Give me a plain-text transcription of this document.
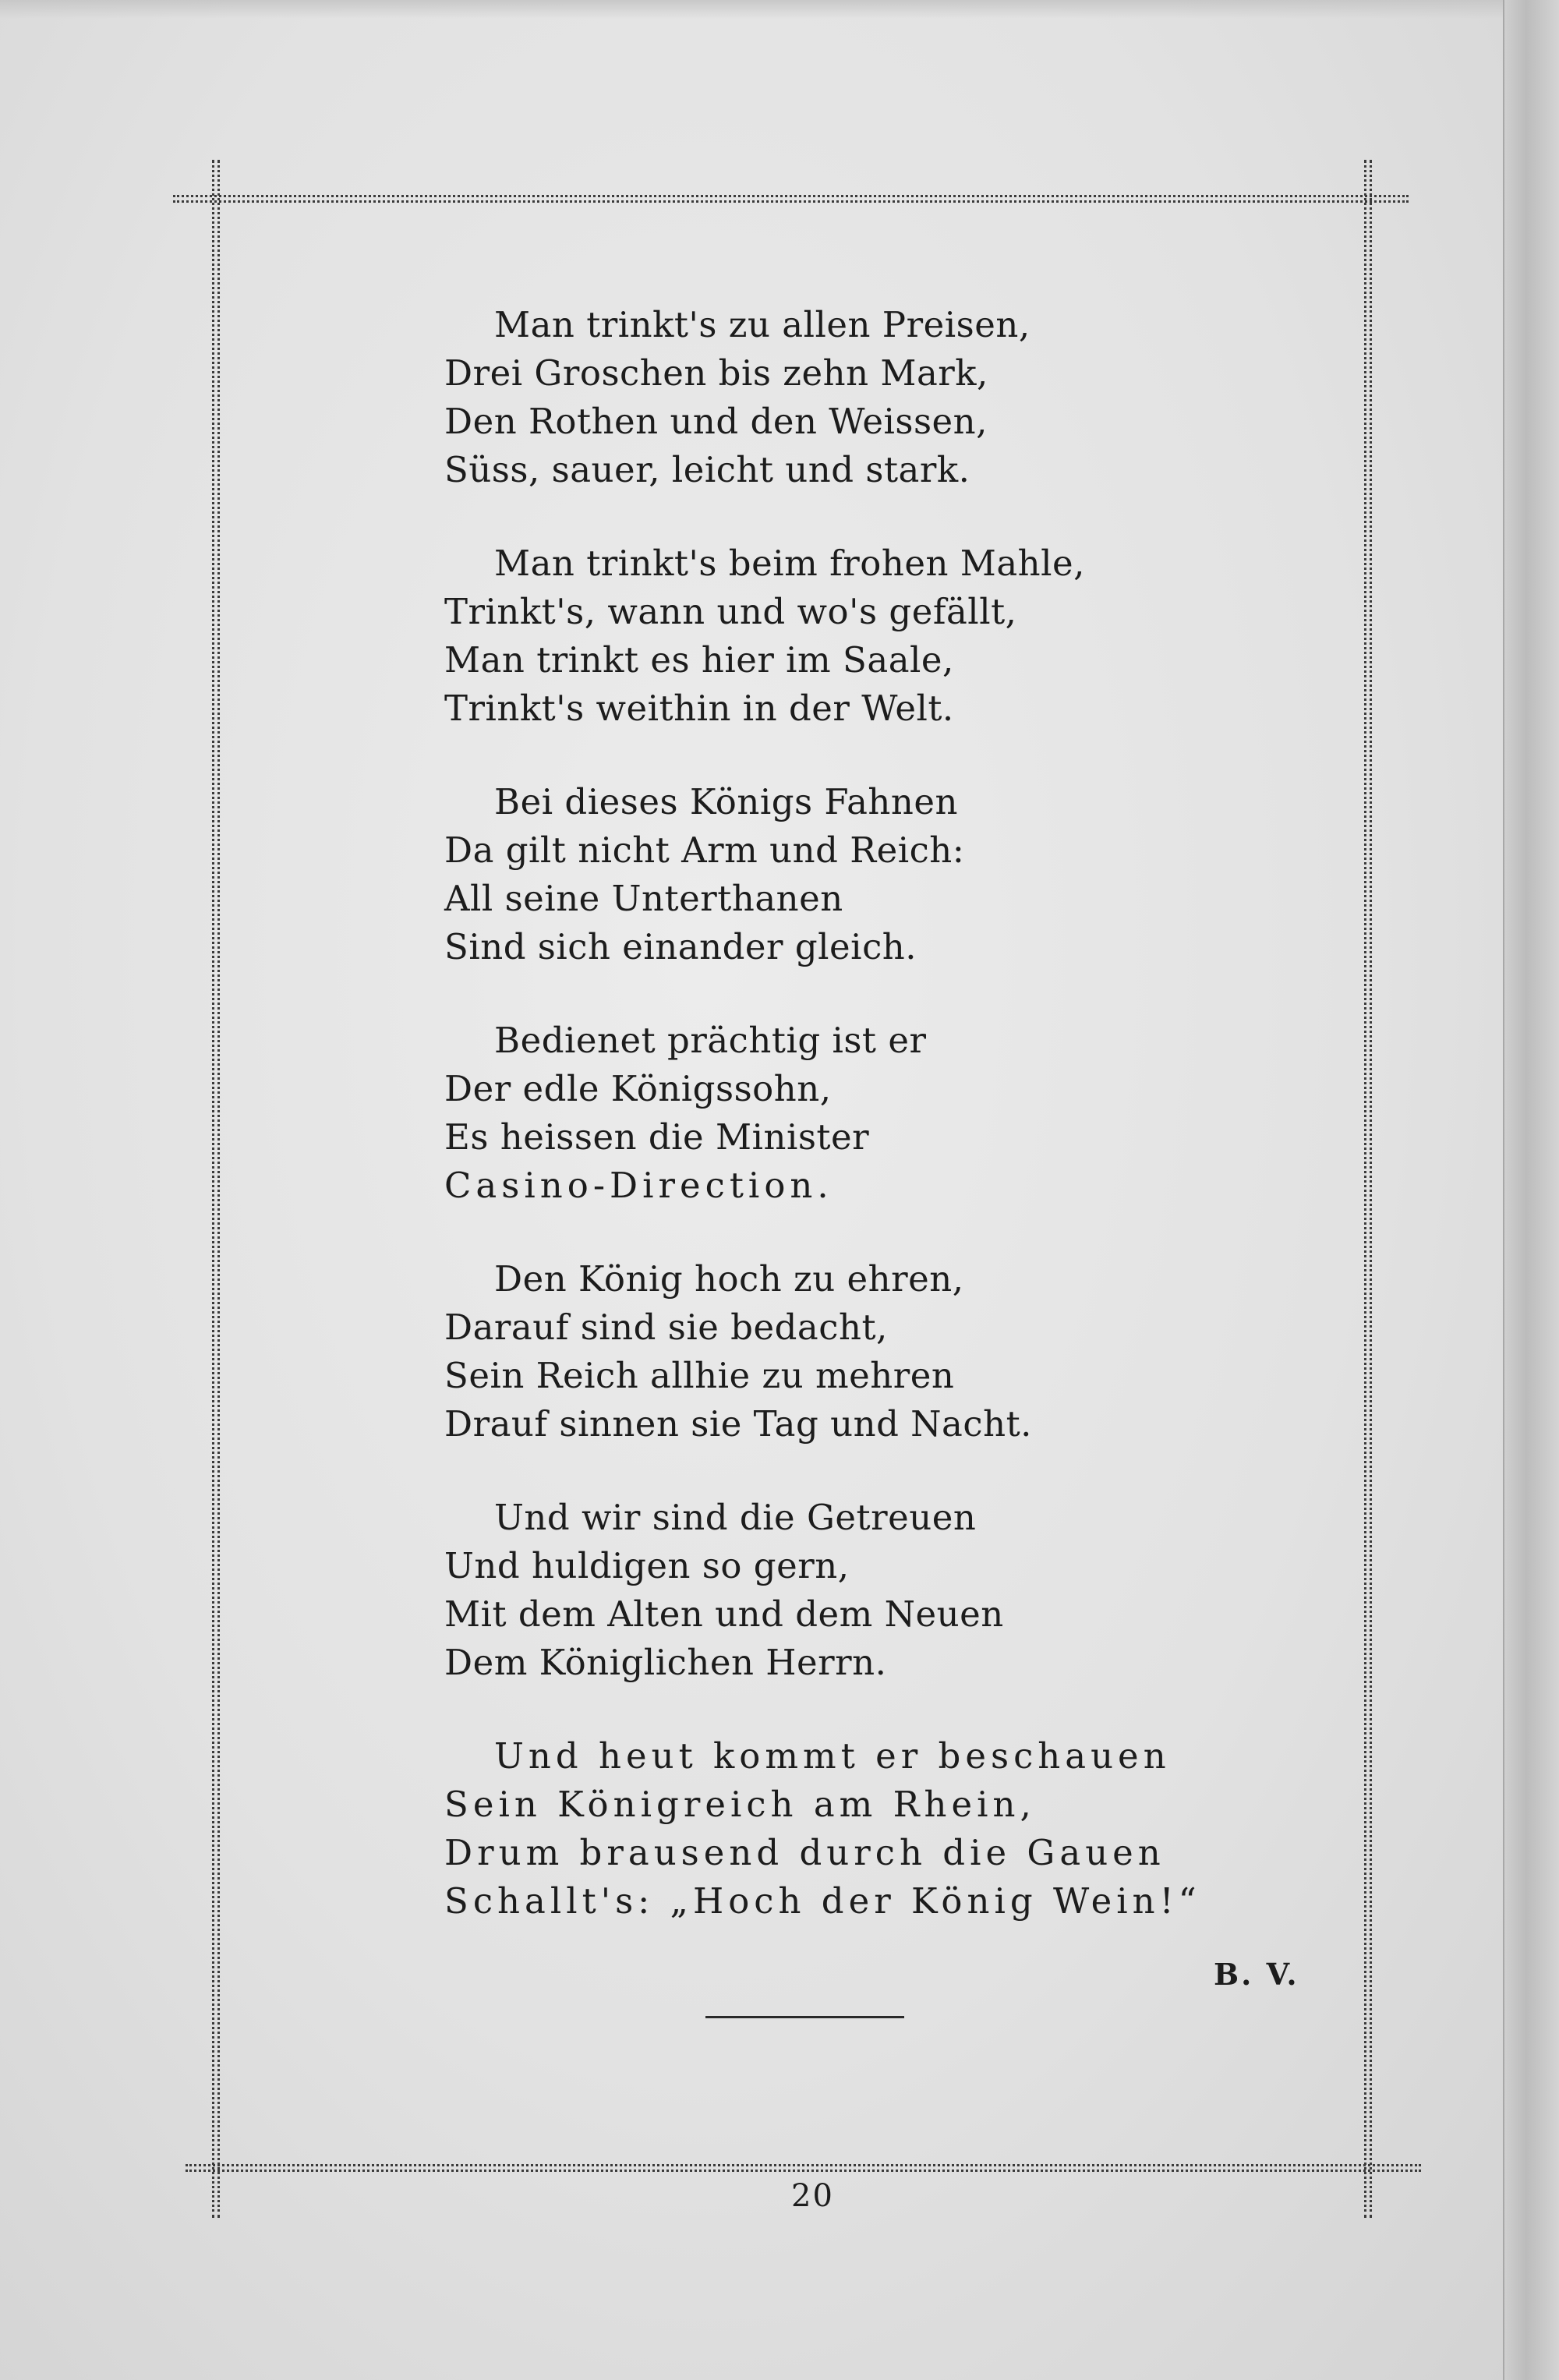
Man trinkt's zu allen Preisen,
Drei Groschen bis zehn Mark,
Den Rothen und den Weissen,
Süss, sauer, leicht und stark.
Man trinkt's beim frohen Mahle,
Trinkt's, wann und wo's gefällt,
Man trinkt es hier im Saale,
Trinkt's weithin in der Welt.
Bei dieses Königs Fahnen
Da gilt nicht Arm und Reich:
All seine Unterthanen
Sind sich einander gleich.
Bedienet prächtig ist er
Der edle Königssohn,
Es heissen die Minister
Casino-Direction.
Den König hoch zu ehren,
Darauf sind sie bedacht,
Sein Reich allhie zu mehren
Drauf sinnen sie Tag und Nacht.
Und wir sind die Getreuen
Und huldigen so gern,
Mit dem Alten und dem Neuen
Dem Königlichen Herrn.
Und heut kommt er beschauen
Sein Königreich am Rhein,
Drum brausend durch die Gauen
Schallt's: „Hoch der König Wein!“
B. V.
20
